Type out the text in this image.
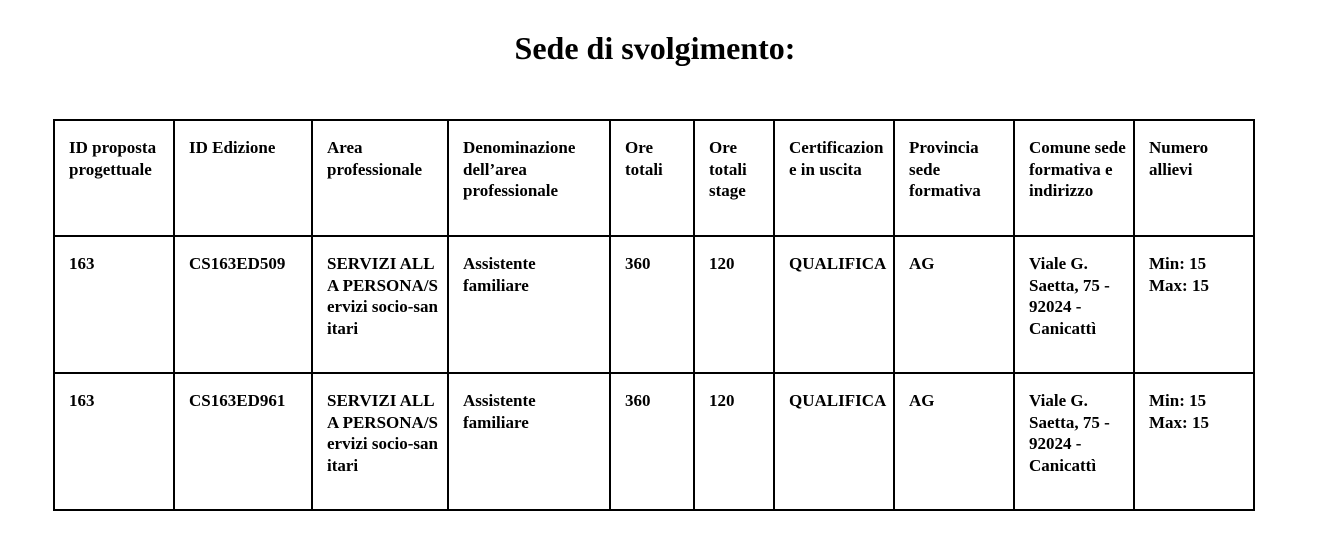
Sede di svolgimento:
ID proposta progettuale	ID Edizione	Area professionale	Denominazione dell’area professionale	Ore totali	Ore totali stage	Certificazione in uscita	Provincia sede formativa	Comune sede formativa e indirizzo	Numero allievi
163	CS163ED509	SERVIZI ALLA PERSONA/Servizi socio-sanitari	Assistente familiare	360	120	QUALIFICA	AG	Viale G. Saetta, 75 - 92024 - Canicattì	Min: 15
Max: 15

163	CS163ED961	SERVIZI ALLA PERSONA/Servizi socio-sanitari	Assistente familiare	360	120	QUALIFICA	AG	Viale G. Saetta, 75 - 92024 - Canicattì	Min: 15
Max: 15
